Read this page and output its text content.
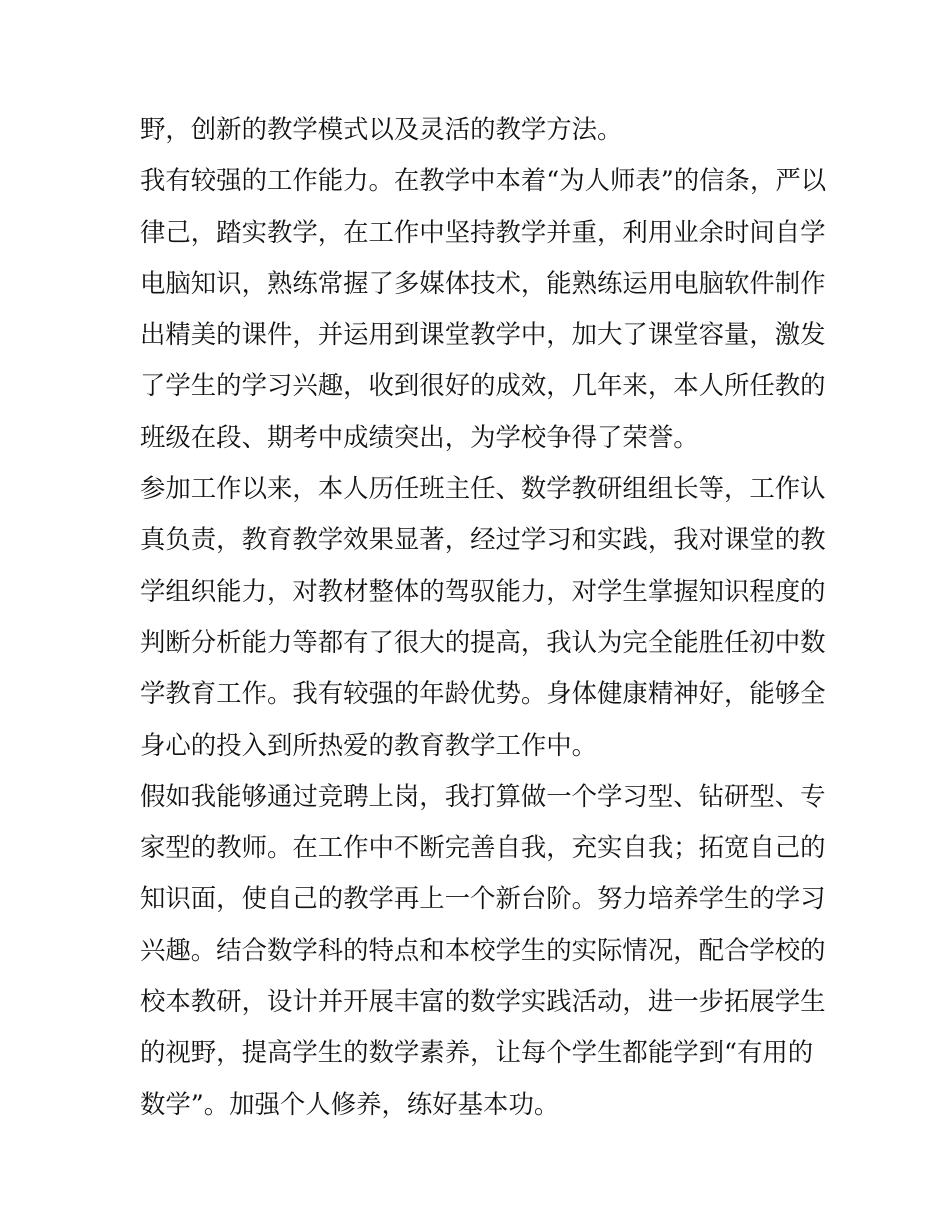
野，创新的教学模式以及灵活的教学方法。
我有较强的工作能力。在教学中本着“为人师表”的信条，严以
律己，踏实教学，在工作中坚持教学并重，利用业余时间自学
电脑知识，熟练常握了多媒体技术，能熟练运用电脑软件制作
出精美的课件，并运用到课堂教学中，加大了课堂容量，激发
了学生的学习兴趣，收到很好的成效，几年来，本人所任教的
班级在段、期考中成绩突出，为学校争得了荣誉。
参加工作以来，本人历任班主任、数学教研组组长等，工作认
真负责，教育教学效果显著，经过学习和实践，我对课堂的教
学组织能力，对教材整体的驾驭能力，对学生掌握知识程度的
判断分析能力等都有了很大的提高，我认为完全能胜任初中数
学教育工作。我有较强的年龄优势。身体健康精神好，能够全
身心的投入到所热爱的教育教学工作中。
假如我能够通过竞聘上岗，我打算做一个学习型、钻研型、专
家型的教师。在工作中不断完善自我，充实自我；拓宽自己的
知识面，使自己的教学再上一个新台阶。努力培养学生的学习
兴趣。结合数学科的特点和本校学生的实际情况，配合学校的
校本教研，设计并开展丰富的数学实践活动，进一步拓展学生
的视野，提高学生的数学素养，让每个学生都能学到“有用的
数学”。加强个人修养，练好基本功。
